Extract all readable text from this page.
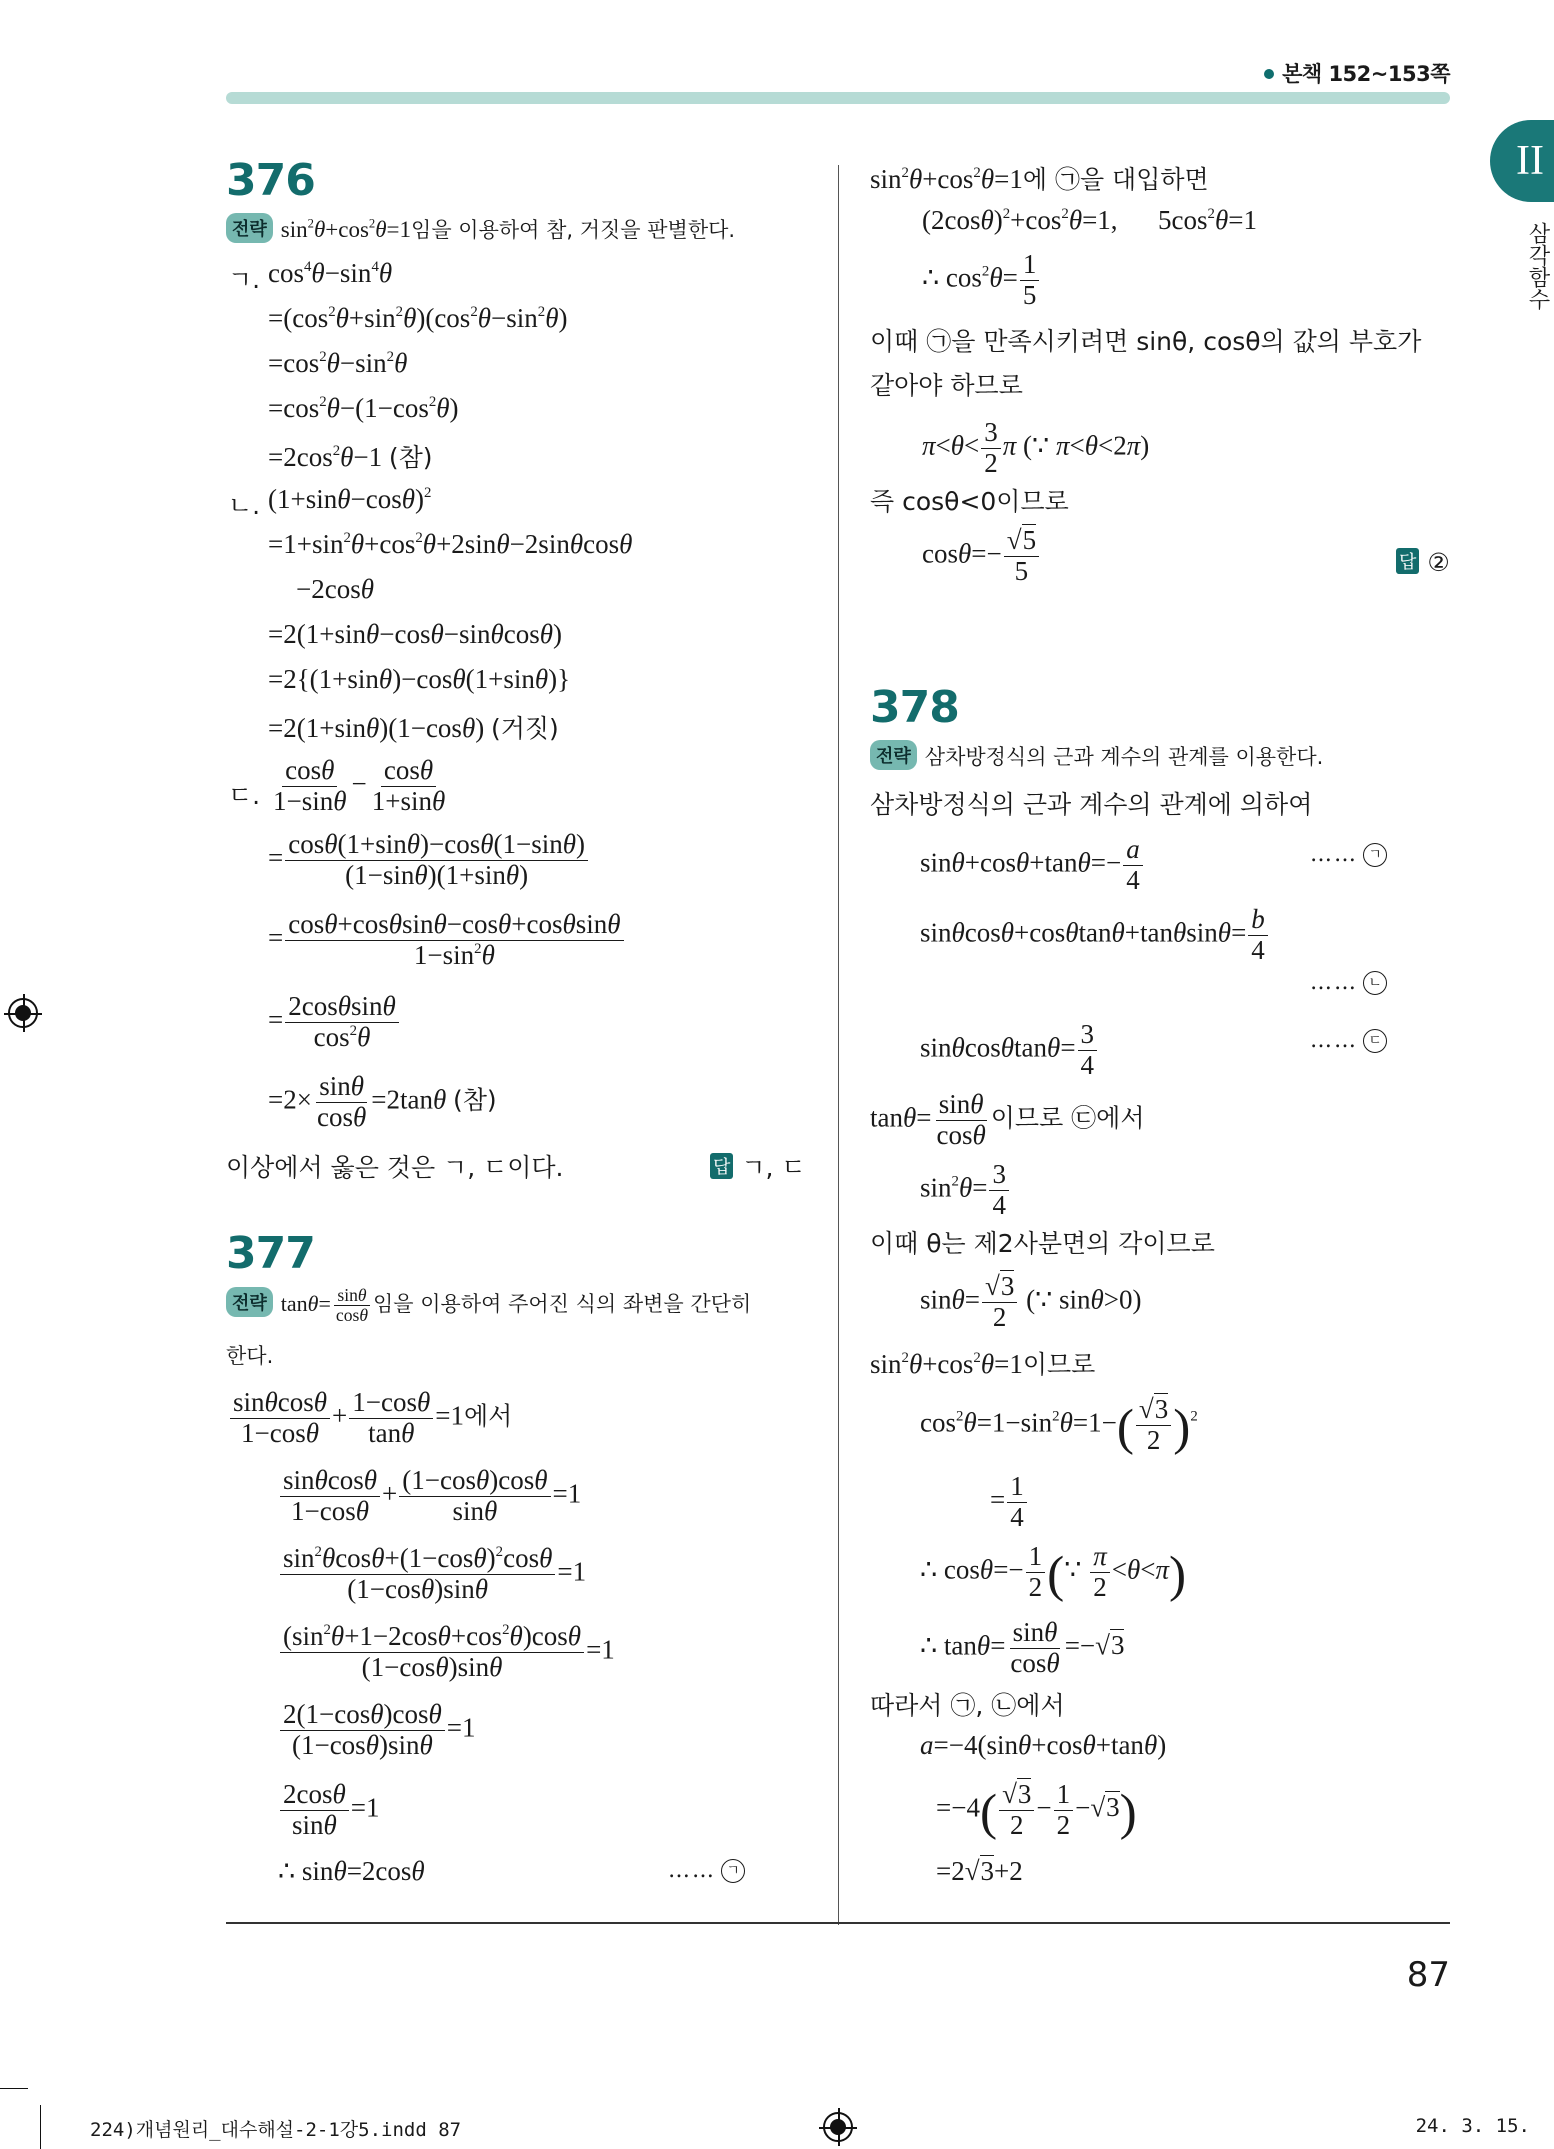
본책 152~153쪽
II
삼각함수
376
전략 $\sin^2\theta+\cos^2\theta=1$임을 이용하여 참, 거짓을 판별한다.
ㄱ. $\cos^4\theta-\sin^4\theta$
$=(\cos^2\theta+\sin^2\theta)(\cos^2\theta-\sin^2\theta)$
$=\cos^2\theta-\sin^2\theta$
$=\cos^2\theta-(1-\cos^2\theta)$
$=2\cos^2\theta-1$ (참)
ㄴ. $(1+\sin\theta-\cos\theta)^2$
$=1+\sin^2\theta+\cos^2\theta+2\sin\theta-2\sin\theta\cos\theta$
−2cosθ
=2(1+sinθ−cosθ−sinθcosθ)
=2{(1+sinθ)−cosθ(1+sinθ)}
=2(1+sinθ)(1−cosθ) (거짓)
ㄷ. $\frac{\cos\theta}{1-\sin\theta} - \frac{\cos\theta}{1+\sin\theta}$
= $\frac{\cos\theta(1+\sin\theta)-\cos\theta(1-\sin\theta)}{(1-\sin\theta)(1+\sin\theta)}$
= $\frac{\cos\theta+\cos\theta\sin\theta-\cos\theta+\cos\theta\sin\theta}{1-\sin^2\theta}$
= $\frac{2\cos\theta\sin\theta}{\cos^2\theta}$
$=2\times \frac{\sin\theta}{\cos\theta} =2\tan\theta$ (참)
이상에서 옳은 것은 ㄱ, ㄷ이다.	답 ㄱ, ㄷ
377
전략 $\tan\theta= \frac{\sin\theta}{\cos\theta}$ 임을 이용하여 주어진 식의 좌변을 간단히
한다.
$\frac{\sin\theta\cos\theta}{1-\cos\theta} + \frac{1-\cos\theta}{\tan\theta} =1$에서
$\frac{\sin\theta\cos\theta}{1-\cos\theta} + \frac{(1-\cos\theta)\cos\theta}{\sin\theta} =1$
$\frac{\sin^2\theta\cos\theta+(1-\cos\theta)^2\cos\theta}{(1-\cos\theta)\sin\theta} =1$
$\frac{(\sin^2\theta+1-2\cos\theta+\cos^2\theta)\cos\theta}{(1-\cos\theta)\sin\theta} =1$
$\frac{2(1-\cos\theta)\cos\theta}{(1-\cos\theta)\sin\theta} =1$
$\frac{2\cos\theta}{\sin\theta} =1$
∴ sinθ=2cosθ	…… ㄱ
$\sin^2\theta+\cos^2\theta=1$에 ㉠을 대입하면
$(2\cos\theta)^2+\cos^2\theta=1$,      $5\cos^2\theta=1$
∴ $\cos^2\theta= \frac{1}{5}$
이때 ㉠을 만족시키려면 sinθ, cosθ의 값의 부호가
같아야 하므로
$\pi<\theta< \frac{3}{2}$ π (∵ π<θ<2π)
즉 cosθ<0이므로
$\cos\theta=- \frac{√5}{5}$	답 ②
378
전략 삼차방정식의 근과 계수의 관계를 이용한다.
삼차방정식의 근과 계수의 관계에 의하여
$\sin\theta+\cos\theta+\tan\theta=- \frac{a}{4}$	…… ㄱ
$\sin\theta\cos\theta+\cos\theta\tan\theta+\tan\theta\sin\theta= \frac{b}{4}$
…… ㄴ
$\sin\theta\cos\theta\tan\theta= \frac{3}{4}$	…… ㄷ
$\tan\theta= \frac{\sin\theta}{\cos\theta}$ 이므로 ㉢에서
$\sin^2\theta= \frac{3}{4}$
이때 θ는 제2사분면의 각이므로
$\sin\theta= \frac{√3}{2}$ (∵ sinθ>0)
$\sin^2\theta+\cos^2\theta=1$이므로
$\cos^2\theta=1-\sin^2\theta=1-( \frac{√3}{2} )^2$
= $\frac{1}{4}$
∴ $\cos\theta=- \frac{1}{2}$ (∵ $\frac{\pi}{2} <\theta<\pi$)
∴ $\tan\theta= \frac{\sin\theta}{\cos\theta} =-√3$
따라서 ㉠, ㉡에서
a=−4(sinθ+cosθ+tanθ)
$=-4( \frac{√3}{2} - \frac{1}{2} -√3)$
=2√3+2
87
224)개념원리_대수해설-2-1강5.indd 87	24. 3. 15.
